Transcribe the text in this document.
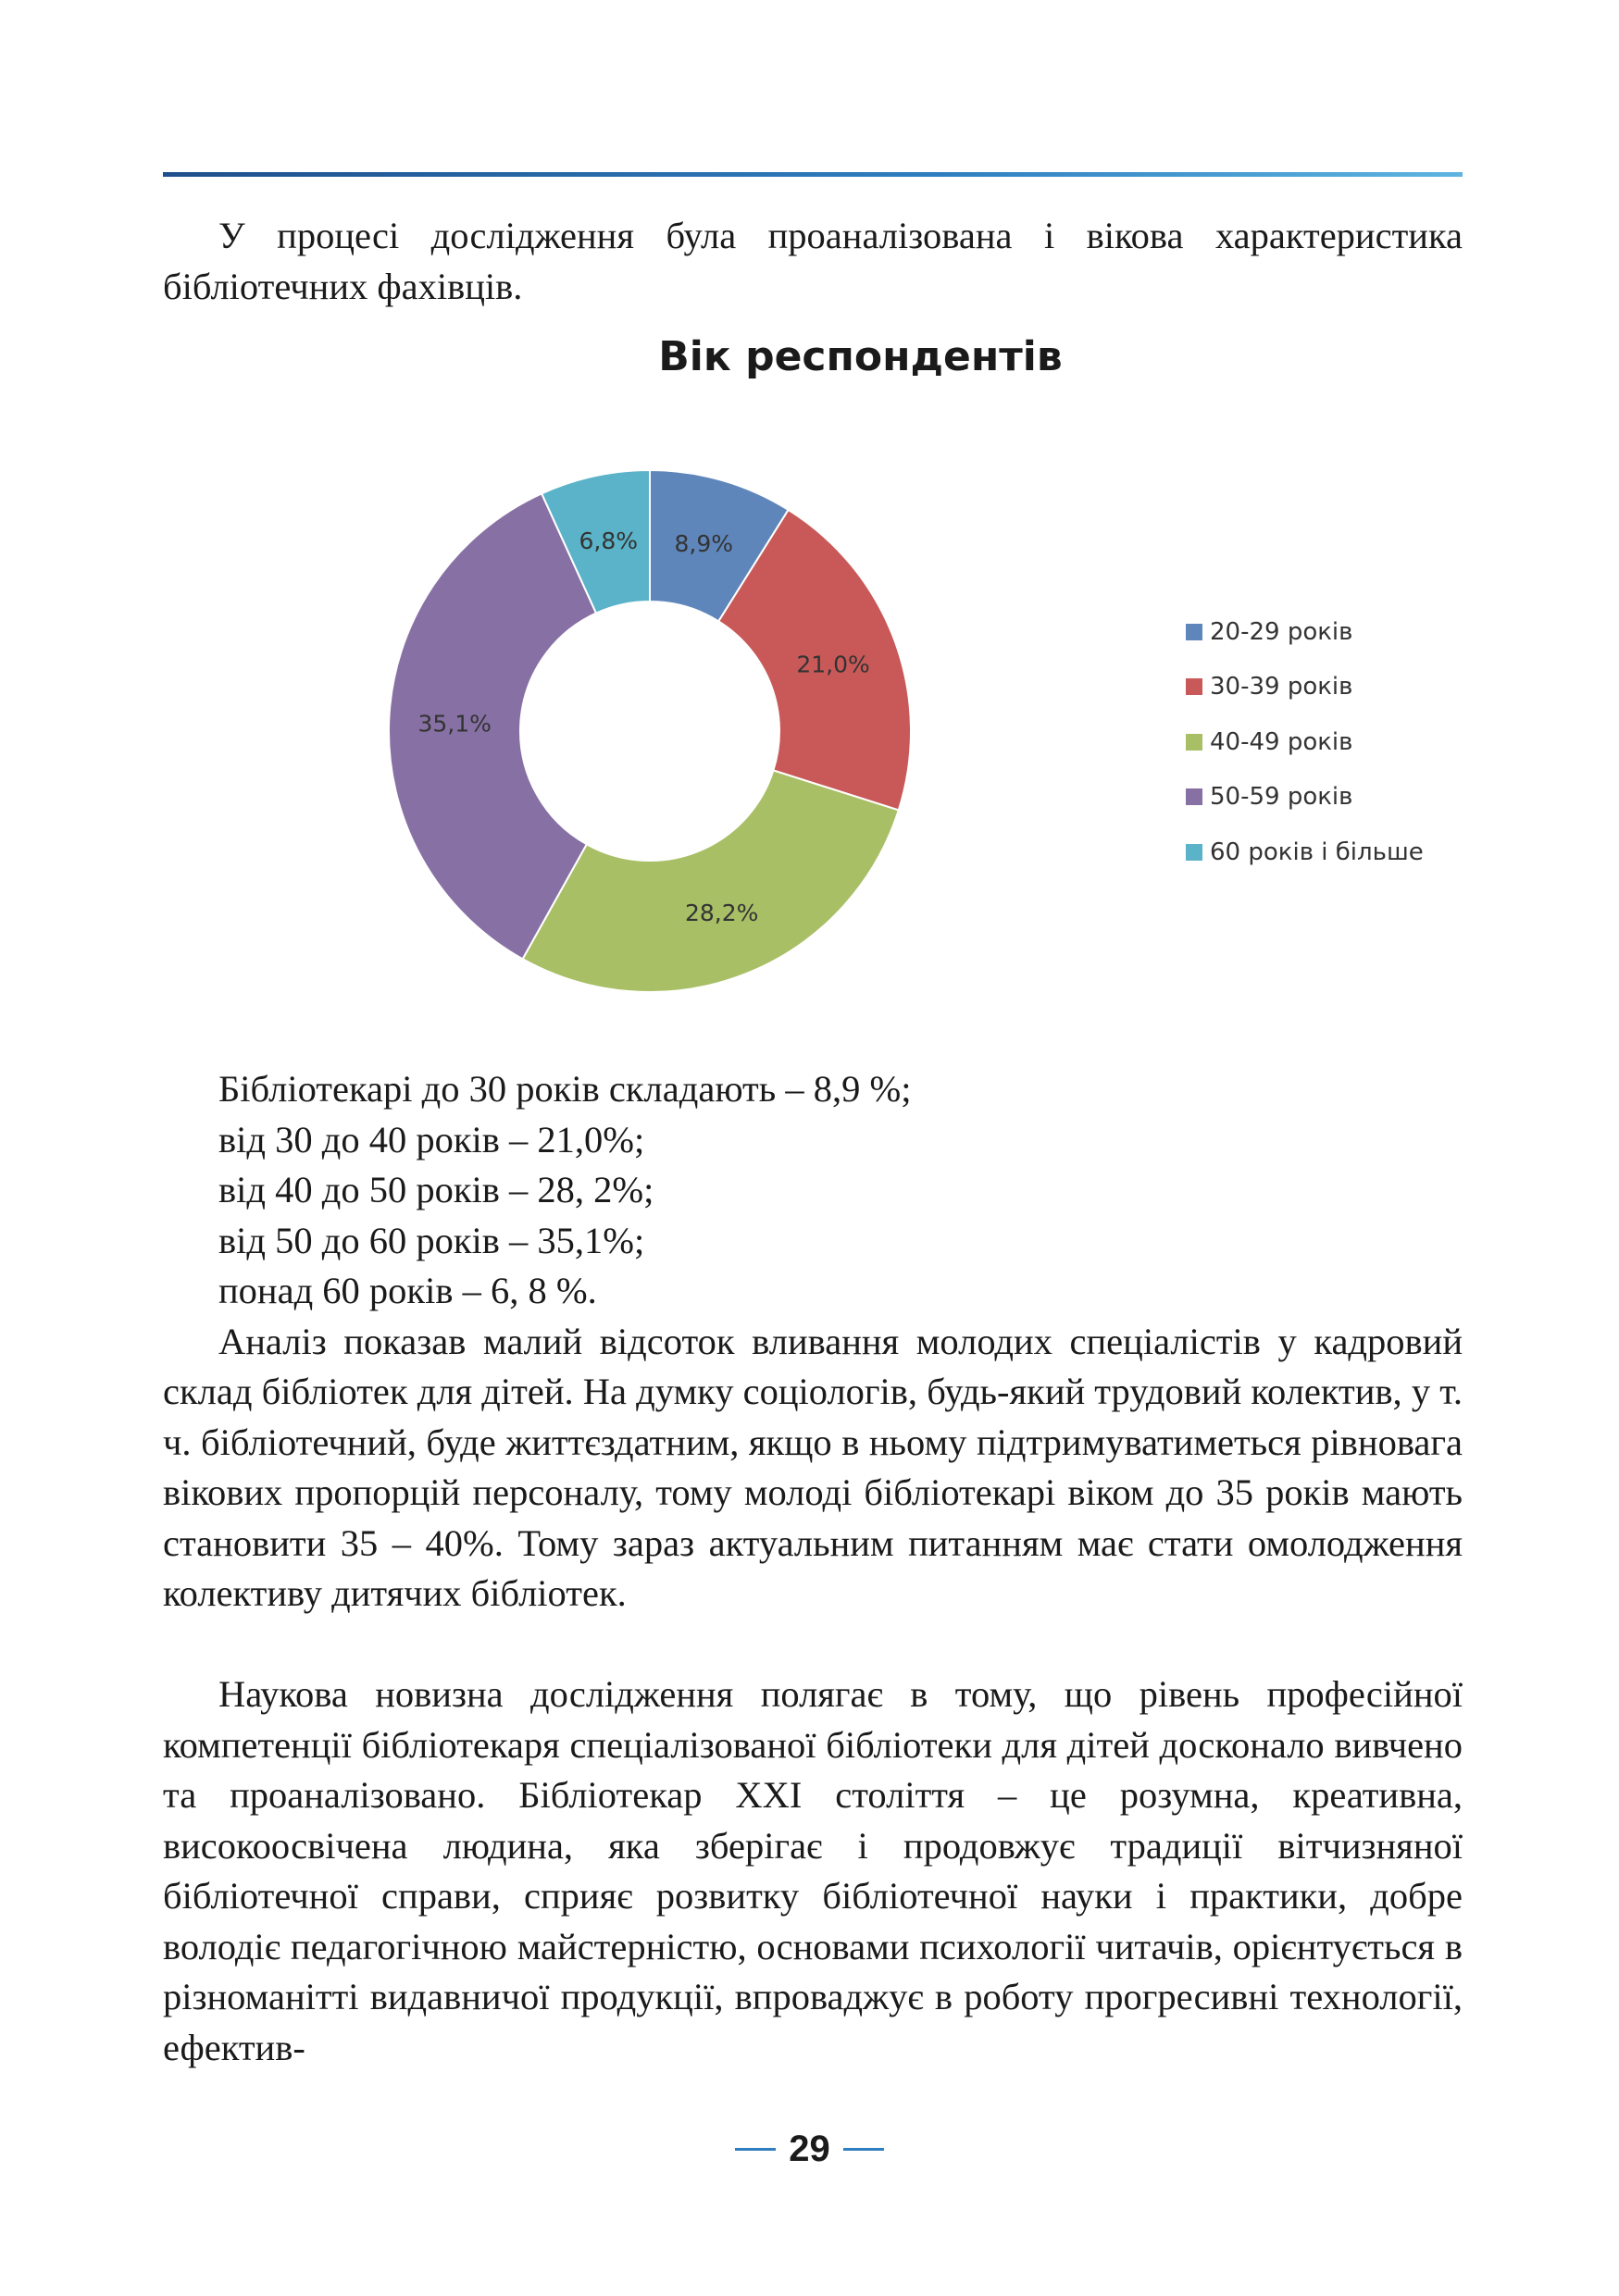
У процесі дослідження була проаналізована і вікова характеристика бібліотечних фахівців.

Вік респондентів
8,9%
21,0%
28,2%
35,1%
6,8%
20-29 років
30-39 років
40-49 років
50-59 років
60 років і більше

Бібліотекарі до 30 років складають – 8,9 %;

від 30 до 40 років – 21,0%;

від 40 до 50 років – 28, 2%;

від 50 до 60 років – 35,1%;

понад 60 років – 6, 8 %.

Аналіз показав малий відсоток вливання молодих спеціалістів у кадровий склад бібліотек для дітей. На думку соціологів, будь-який трудовий колектив, у т. ч. бібліотечний, буде життєздатним, якщо в ньому підтримуватиметься рівновага вікових пропорцій персоналу, тому молоді бібліотекарі віком до 35 років мають становити 35 – 40%. Тому зараз актуальним питанням має стати омолодження колективу дитячих бібліотек.

Наукова новизна дослідження полягає в тому, що рівень професійної компетенції бібліотекаря спеціалізованої бібліотеки для дітей досконало вивчено та проаналізовано. Бібліотекар ХХІ століття – це розумна, креативна, високоосвічена людина, яка зберігає і продовжує традиції вітчизняної бібліотечної справи, сприяє розвитку бібліотечної науки і практики, добре володіє педагогічною майстерністю, основами психології читачів, орієнтується в різноманітті видавничої продукції, впроваджує в роботу прогресивні технології, ефектив-

29
